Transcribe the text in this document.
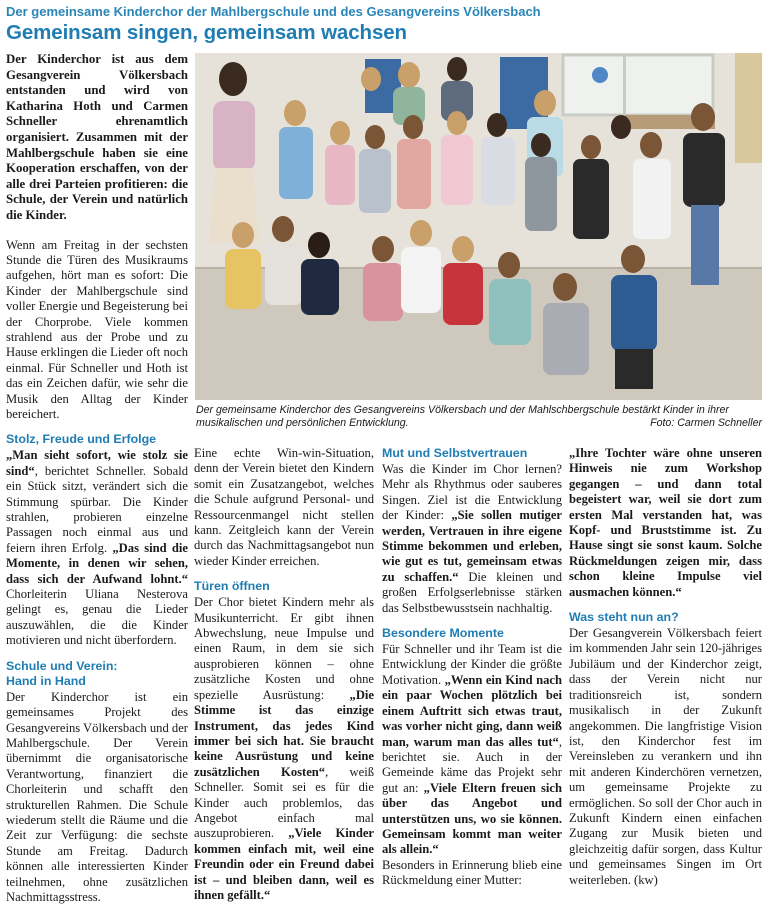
Der gemeinsame Kinderchor der Mahlbergschule und des Gesangvereins Völkersbach
Gemeinsam singen, gemeinsam wachsen

Der Kinderchor ist aus dem Gesangverein Völkersbach entstanden und wird von Katharina Hoth und Carmen Schneller ehrenamtlich organisiert. Zusammen mit der Mahlbergschule haben sie eine Kooperation erschaffen, von der alle drei Parteien profitieren: die Schule, der Verein und natürlich die Kinder.

Wenn am Freitag in der sechsten Stunde die Türen des Musikraums aufgehen, hört man es sofort: Die Kinder der Mahlbergschule sind voller Energie und Begeisterung bei der Chorprobe. Viele kommen strahlend aus der Probe und zu Hause erklingen die Lieder oft noch einmal. Für Schneller und Hoth ist das ein Zeichen dafür, wie sehr die Musik den Alltag der Kinder bereichert.

Stolz, Freude und Erfolge

„Man sieht sofort, wie stolz sie sind“, berichtet Schneller. Sobald ein Stück sitzt, verändert sich die Stimmung spürbar. Die Kinder strahlen, probieren einzelne Passagen noch einmal aus und feiern ihren Erfolg. „Das sind die Momente, in denen wir sehen, dass sich der Aufwand lohnt.“ Chorleiterin Uliana Nesterova gelingt es, genau die Lieder auszuwählen, die die Kinder motivieren und nicht überfordern.

Schule und Verein:
Hand in Hand

Der Kinderchor ist ein gemeinsames Projekt des Gesangvereins Völkersbach und der Mahlbergschule. Der Verein übernimmt die organisatorische Verantwortung, finanziert die Chorleiterin und schafft den strukturellen Rahmen. Die Schule wiederum stellt die Räume und die Zeit zur Verfügung: die sechste Stunde am Freitag. Dadurch können alle interessierten Kinder teilnehmen, ohne zusätzlichen Nachmittagsstress.

Der gemeinsame Kinderchor des Gesangvereins Völkersbach und der Mahlschbergschule bestärkt Kinder in ihrer musikalischen und persönlichen Entwicklung.	Foto: Carmen Schneller

Eine echte Win-win-Situation, denn der Verein bietet den Kindern somit ein Zusatzangebot, welches die Schule aufgrund Personal- und Ressourcenmangel nicht stellen kann. Zeitgleich kann der Verein durch das Nachmittagsangebot nun wieder Kinder erreichen.

Türen öffnen

Der Chor bietet Kindern mehr als Musikunterricht. Er gibt ihnen Abwechslung, neue Impulse und einen Raum, in dem sie sich ausprobieren können – ohne zusätzliche Kosten und ohne spezielle Ausrüstung: „Die Stimme ist das einzige Instrument, das jedes Kind immer bei sich hat. Sie braucht keine Ausrüstung und keine zusätzlichen Kosten“, weiß Schneller. Somit sei es für die Kinder auch problemlos, das Angebot einfach mal auszuprobieren. „Viele Kinder kommen einfach mit, weil eine Freundin oder ein Freund dabei ist – und bleiben dann, weil es ihnen gefällt.“

Mut und Selbstvertrauen

Was die Kinder im Chor lernen? Mehr als Rhythmus oder sauberes Singen. Ziel ist die Entwicklung der Kinder: „Sie sollen mutiger werden, Vertrauen in ihre eigene Stimme bekommen und erleben, wie gut es tut, gemeinsam etwas zu schaffen.“ Die kleinen und großen Erfolgserlebnisse stärken das Selbstbewusstsein nachhaltig.

Besondere Momente

Für Schneller und ihr Team ist die Entwicklung der Kinder die größte Motivation. „Wenn ein Kind nach ein paar Wochen plötzlich bei einem Auftritt sich etwas traut, was vorher nicht ging, dann weiß man, warum man das alles tut“, berichtet sie. Auch in der Gemeinde käme das Projekt sehr gut an: „Viele Eltern freuen sich über das Angebot und unterstützen uns, wo sie können. Gemeinsam kommt man weiter als allein.“

Besonders in Erinnerung blieb eine Rückmeldung einer Mutter:

„Ihre Tochter wäre ohne unseren Hinweis nie zum Workshop gegangen – und dann total begeistert war, weil sie dort zum ersten Mal verstanden hat, was Kopf- und Bruststimme ist. Zu Hause singt sie sonst kaum. Solche Rückmeldungen zeigen mir, dass schon kleine Impulse viel ausmachen können.“

Was steht nun an?

Der Gesangverein Völkersbach feiert im kommenden Jahr sein 120-jähriges Jubiläum und der Kinderchor zeigt, dass der Verein nicht nur traditionsreich ist, sondern musikalisch in der Zukunft angekommen. Die langfristige Vision ist, den Kinderchor fest im Vereinsleben zu verankern und ihn mit anderen Kinderchören vernetzen, um gemeinsame Projekte zu ermöglichen. So soll der Chor auch in Zukunft Kindern einen einfachen Zugang zur Musik bieten und gleichzeitig dafür sorgen, dass Kultur und gemeinsames Singen im Ort weiterleben. (kw)
